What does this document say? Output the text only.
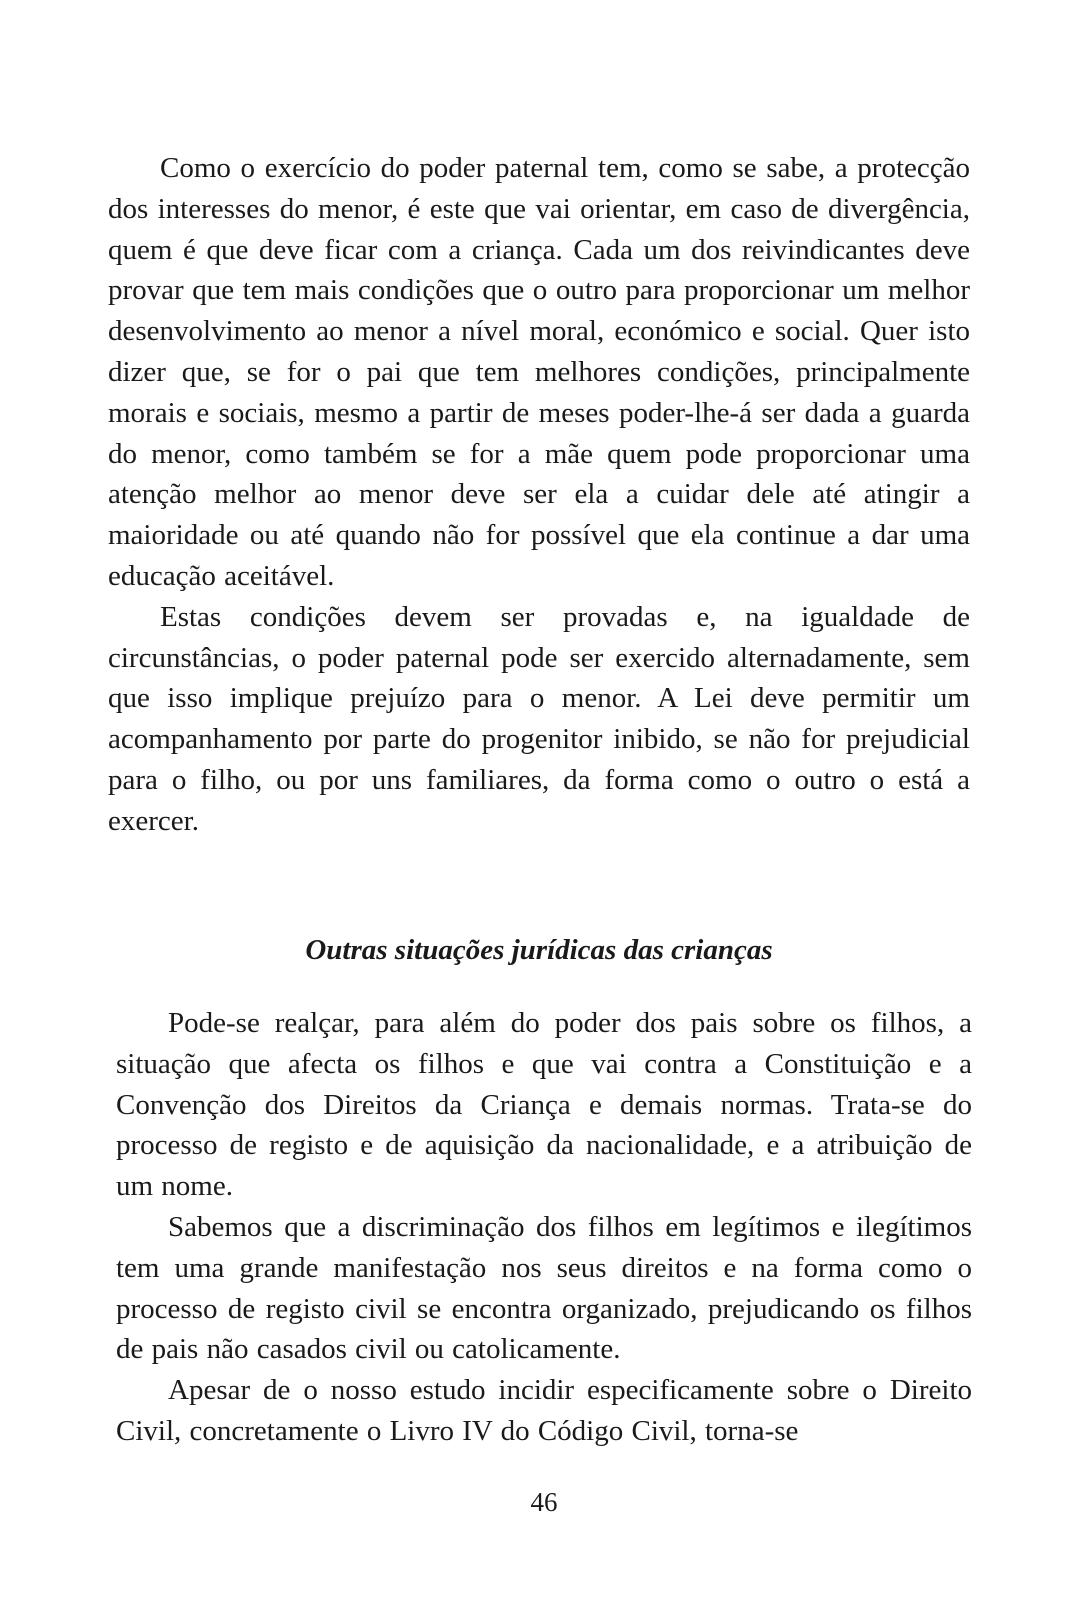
Como o exercício do poder paternal tem, como se sabe, a protecção dos interesses do menor, é este que vai orientar, em caso de divergência, quem é que deve ficar com a criança. Cada um dos reivindicantes deve provar que tem mais condições que o outro para proporcionar um melhor desenvolvimento ao menor a nível moral, económico e social. Quer isto dizer que, se for o pai que tem melhores condições, principalmente morais e sociais, mesmo a partir de meses poder-lhe-á ser dada a guarda do menor, como também se for a mãe quem pode proporcionar uma atenção melhor ao menor deve ser ela a cuidar dele até atingir a maioridade ou até quando não for possível que ela continue a dar uma educação aceitável.

Estas condições devem ser provadas e, na igualdade de circunstâncias, o poder paternal pode ser exercido alternadamente, sem que isso implique prejuízo para o menor. A Lei deve permitir um acompanhamento por parte do progenitor inibido, se não for prejudicial para o filho, ou por uns familiares, da forma como o outro o está a exercer.

Outras situações jurídicas das crianças

Pode-se realçar, para além do poder dos pais sobre os filhos, a situação que afecta os filhos e que vai contra a Constituição e a Convenção dos Direitos da Criança e demais normas. Trata-se do processo de registo e de aquisição da nacionalidade, e a atribuição de um nome.

Sabemos que a discriminação dos filhos em legítimos e ilegítimos tem uma grande manifestação nos seus direitos e na forma como o processo de registo civil se encontra organizado, prejudicando os filhos de pais não casados civil ou catolicamente.

Apesar de o nosso estudo incidir especificamente sobre o Direito Civil, concretamente o Livro IV do Código Civil, torna-se

46
